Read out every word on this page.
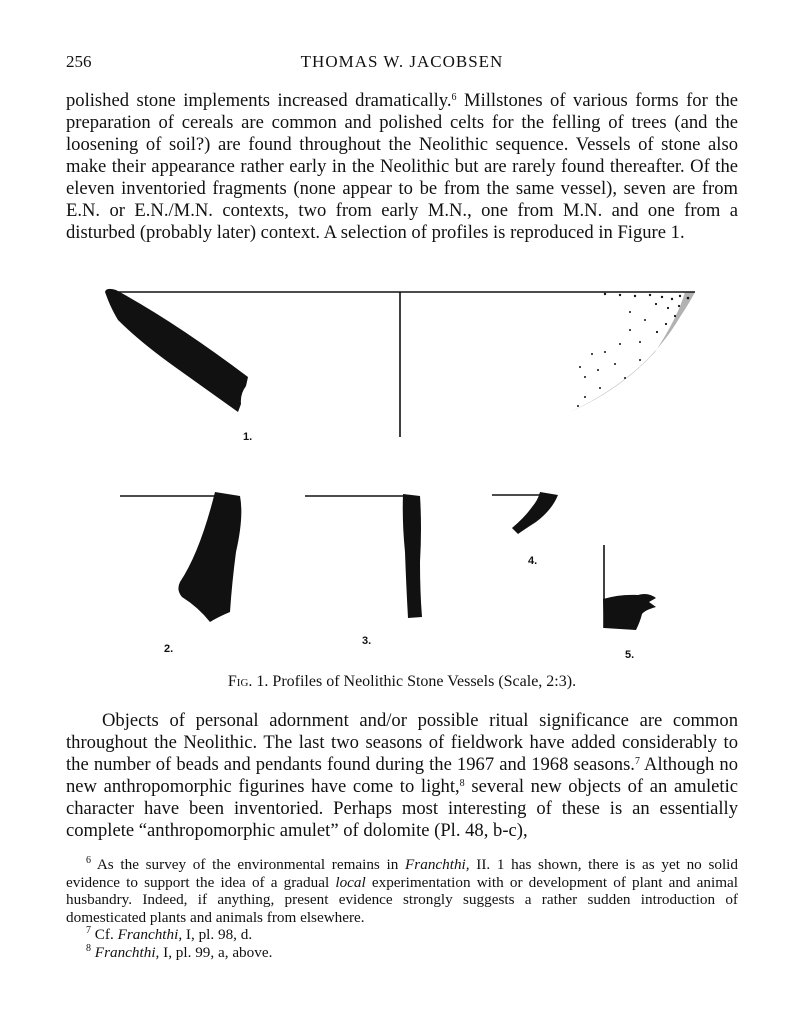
256	THOMAS W. JACOBSEN

polished stone implements increased dramatically.$^6$ Millstones of various forms for the preparation of cereals are common and polished celts for the felling of trees (and the loosening of soil?) are found throughout the Neolithic sequence. Vessels of stone also make their appearance rather early in the Neolithic but are rarely found thereafter. Of the eleven inventoried fragments (none appear to be from the same vessel), seven are from E.N. or E.N./M.N. contexts, two from early M.N., one from M.N. and one from a disturbed (probably later) context. A selection of profiles is reproduced in Figure 1.

1.
2.
3.
4.
5.
Fig. 1. Profiles of Neolithic Stone Vessels (Scale, 2:3).

Objects of personal adornment and/or possible ritual significance are common throughout the Neolithic. The last two seasons of fieldwork have added considerably to the number of beads and pendants found during the 1967 and 1968 seasons.$^7$ Although no new anthropomorphic figurines have come to light,$^8$ several new objects of an amuletic character have been inventoried. Perhaps most interesting of these is an essentially complete “anthropomorphic amulet” of dolomite (Pl. 48, b-c),

$^6$ As the survey of the environmental remains in Franchthi, II. 1 has shown, there is as yet no solid evidence to support the idea of a gradual local experimentation with or development of plant and animal husbandry. Indeed, if anything, present evidence strongly suggests a rather sudden introduction of domesticated plants and animals from elsewhere.

$^7$ Cf. Franchthi, I, pl. 98, d.

$^8$ Franchthi, I, pl. 99, a, above.
